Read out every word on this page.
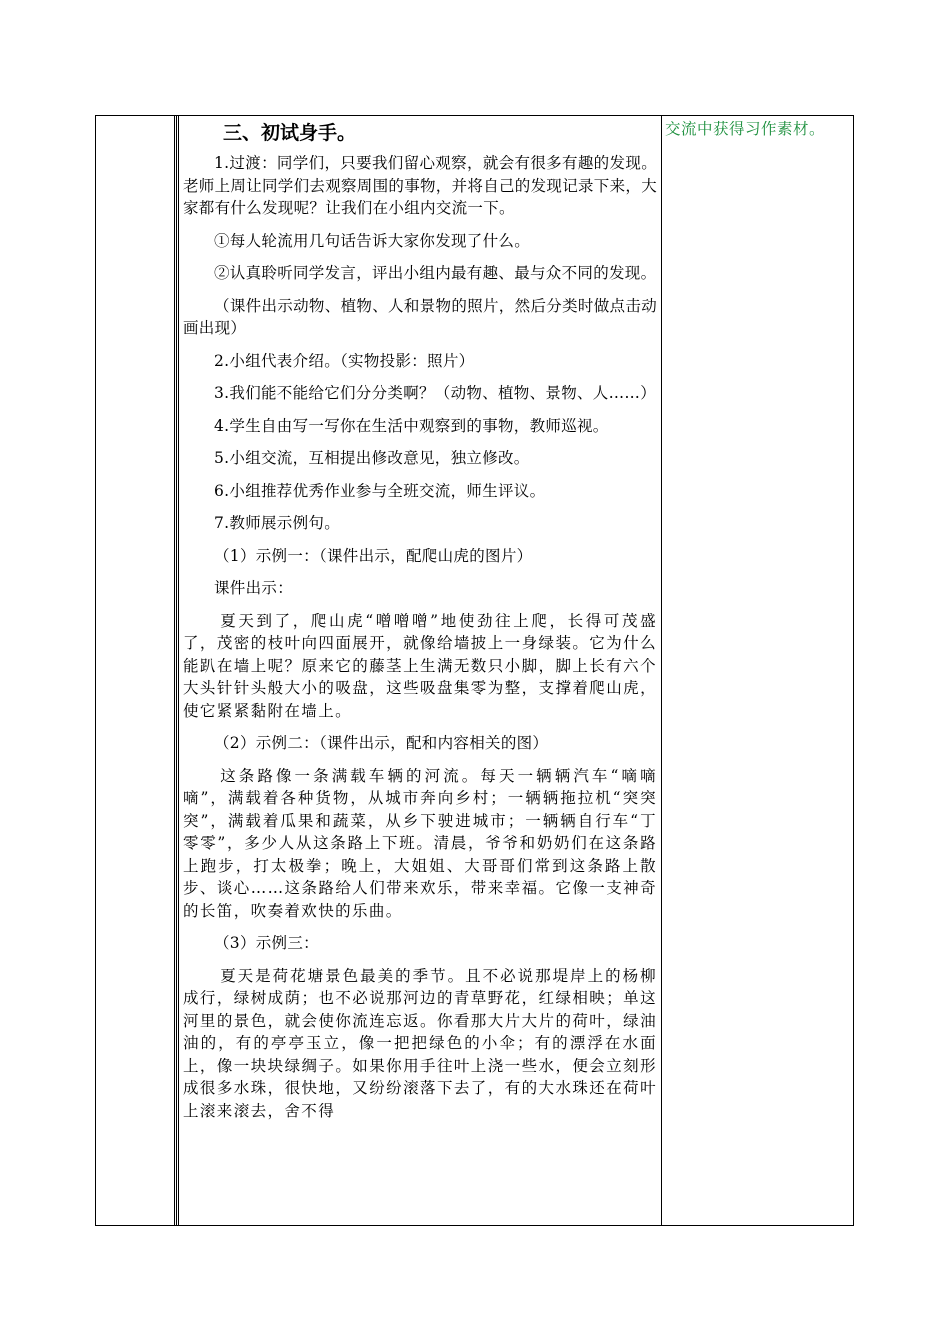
三、初试身手。

1.过渡：同学们，只要我们留心观察，就会有很多有趣的发现。老师上周让同学们去观察周围的事物，并将自己的发现记录下来，大家都有什么发现呢？让我们在小组内交流一下。

①每人轮流用几句话告诉大家你发现了什么。

②认真聆听同学发言，评出小组内最有趣、最与众不同的发现。

（课件出示动物、植物、人和景物的照片，然后分类时做点击动画出现）

2.小组代表介绍。（实物投影：照片）

3.我们能不能给它们分分类啊？（动物、植物、景物、人……）

4.学生自由写一写你在生活中观察到的事物，教师巡视。

5.小组交流，互相提出修改意见，独立修改。

6.小组推荐优秀作业参与全班交流，师生评议。

7.教师展示例句。

（1）示例一：（课件出示，配爬山虎的图片）

课件出示：

夏天到了，爬山虎“噌噌噌”地使劲往上爬，长得可茂盛了，茂密的枝叶向四面展开，就像给墙披上一身绿装。它为什么能趴在墙上呢？原来它的藤茎上生满无数只小脚，脚上长有六个大头针针头般大小的吸盘，这些吸盘集零为整，支撑着爬山虎，使它紧紧黏附在墙上。

（2）示例二：（课件出示，配和内容相关的图）

这条路像一条满载车辆的河流。每天一辆辆汽车“嘀嘀嘀”，满载着各种货物，从城市奔向乡村；一辆辆拖拉机“突突突”，满载着瓜果和蔬菜，从乡下驶进城市；一辆辆自行车“丁零零”，多少人从这条路上下班。清晨，爷爷和奶奶们在这条路上跑步，打太极拳；晚上，大姐姐、大哥哥们常到这条路上散步、谈心……这条路给人们带来欢乐，带来幸福。它像一支神奇的长笛，吹奏着欢快的乐曲。

（3）示例三：

夏天是荷花塘景色最美的季节。且不必说那堤岸上的杨柳成行，绿树成荫；也不必说那河边的青草野花，红绿相映；单这河里的景色，就会使你流连忘返。你看那大片大片的荷叶，绿油油的，有的亭亭玉立，像一把把绿色的小伞；有的漂浮在水面上，像一块块绿绸子。如果你用手往叶上浇一些水，便会立刻形成很多水珠，很快地，又纷纷滚落下去了，有的大水珠还在荷叶上滚来滚去，舍不得

交流中获得习作素材。
